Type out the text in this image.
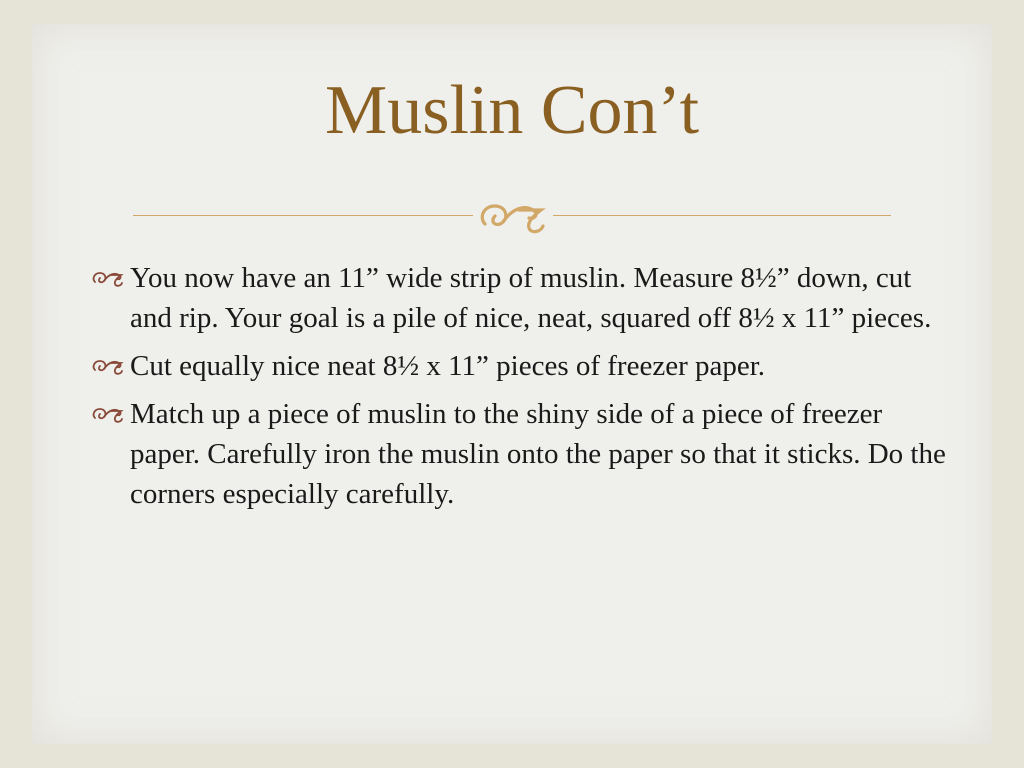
Muslin Con’t
You now have an 11” wide strip of muslin. Measure 8½” down, cut and rip. Your goal is a pile of nice, neat, squared off 8½ x 11” pieces.
Cut equally nice neat 8½ x 11” pieces of freezer paper.
Match up a piece of muslin to the shiny side of a piece of freezer paper. Carefully iron the muslin onto the paper so that it sticks. Do the corners especially carefully.
